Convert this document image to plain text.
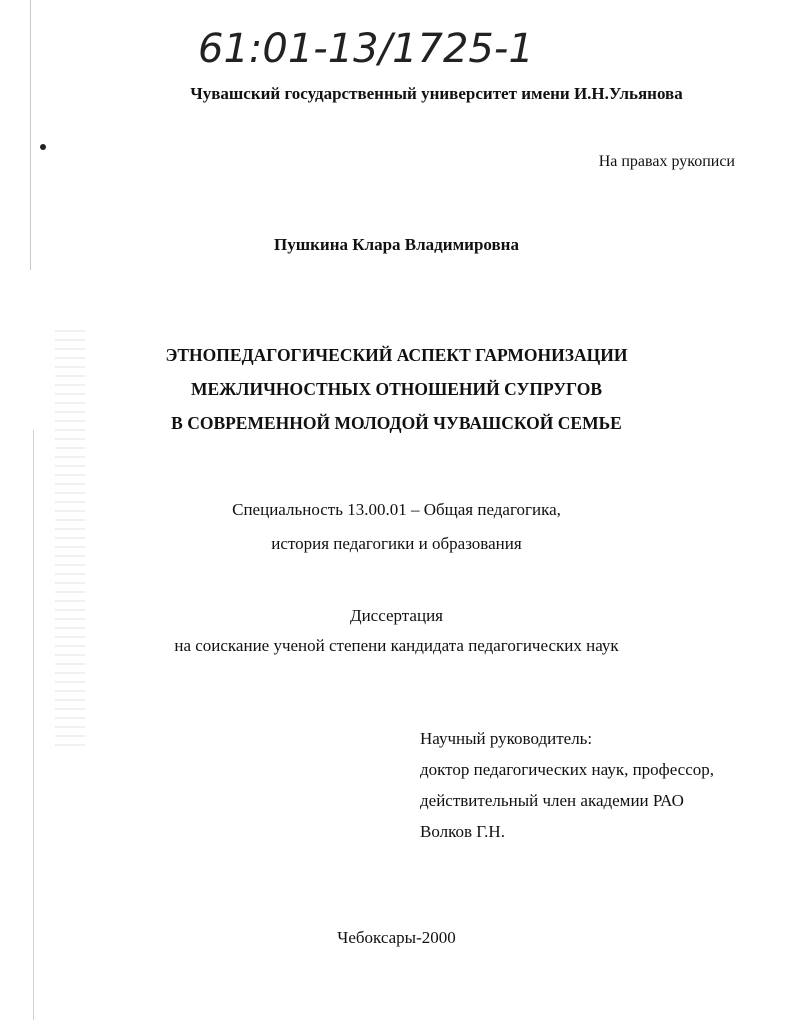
61:01-13/1725-1
Чувашский государственный университет имени И.Н.Ульянова
На правах рукописи
Пушкина Клара Владимировна
ЭТНОПЕДАГОГИЧЕСКИЙ АСПЕКТ ГАРМОНИЗАЦИИ
МЕЖЛИЧНОСТНЫХ ОТНОШЕНИЙ СУПРУГОВ
В СОВРЕМЕННОЙ МОЛОДОЙ ЧУВАШСКОЙ СЕМЬЕ
Специальность 13.00.01 – Общая педагогика,
история педагогики и образования
Диссертация
на соискание ученой степени кандидата педагогических наук
Научный руководитель:
доктор педагогических наук, профессор,
действительный член академии РАО
Волков Г.Н.
Чебоксары-2000
